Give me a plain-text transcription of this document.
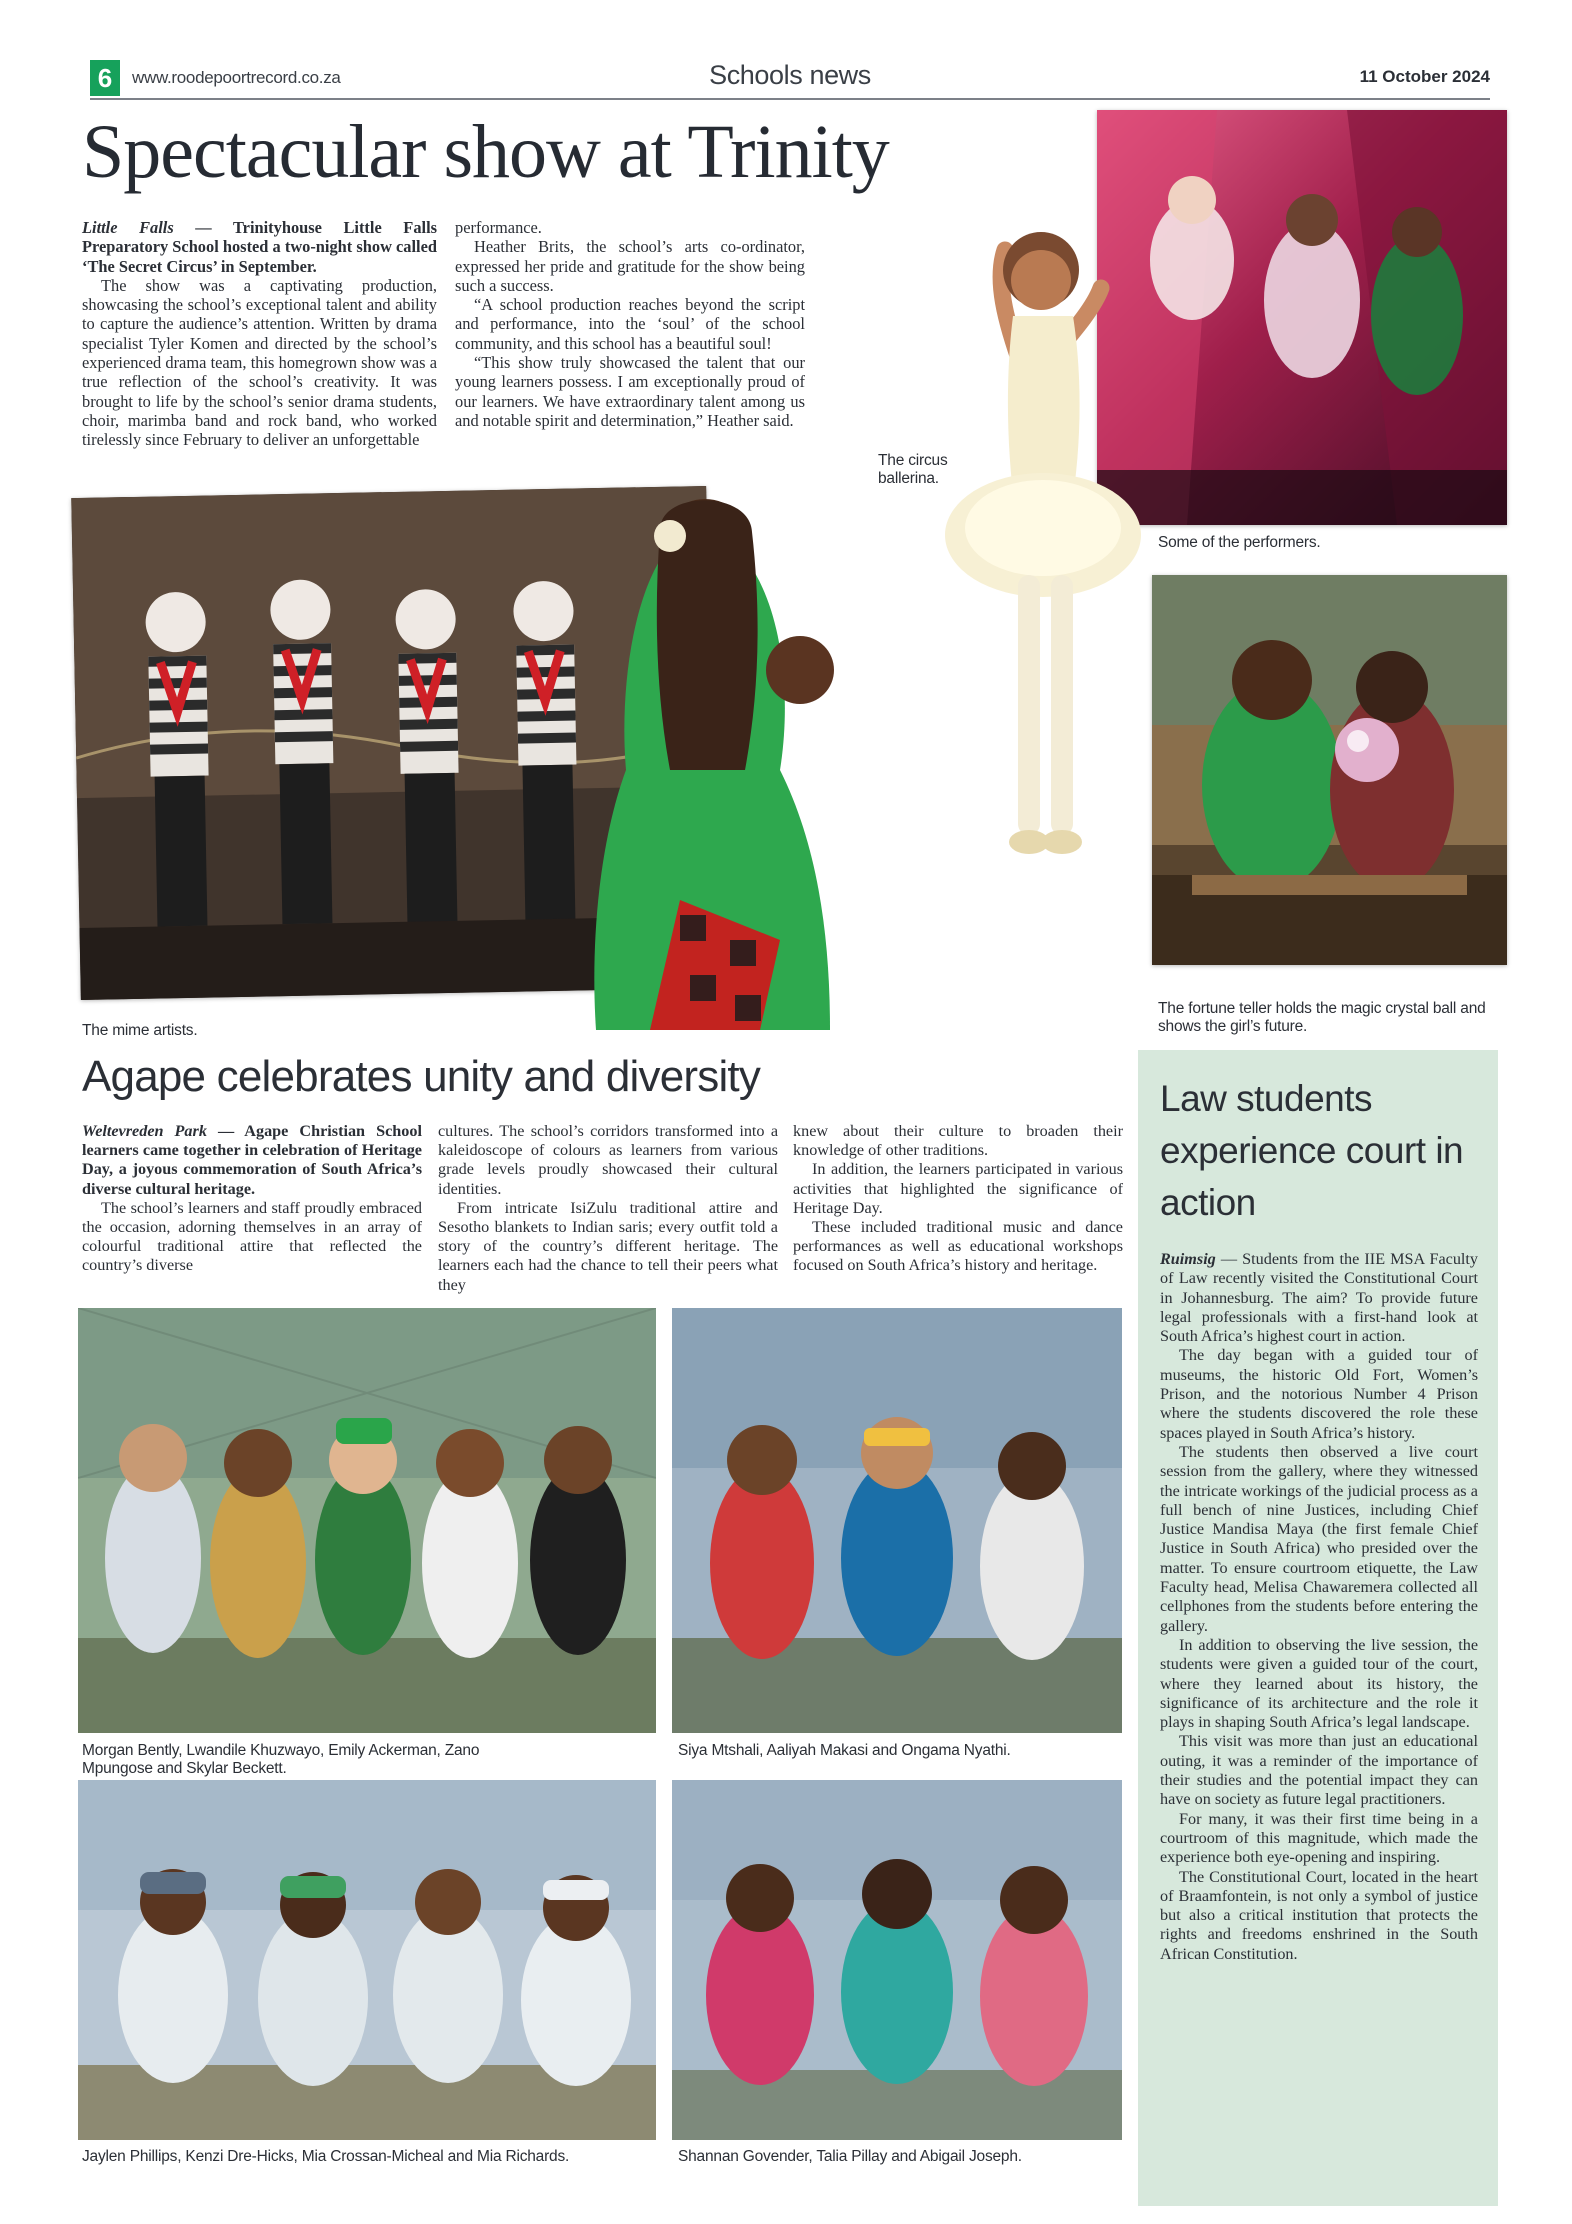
6	www.roodepoortrecord.co.za	Schools news	11 October 2024
Spectacular show at Trinity

Little Falls — Trinityhouse Little Falls Preparatory School hosted a two-night show called ‘The Secret Circus’ in September.

The show was a captivating production, showcasing the school’s exceptional talent and ability to capture the audience’s attention. Written by drama specialist Tyler Komen and directed by the school’s experienced drama team, this homegrown show was a true reflection of the school’s creativity. It was brought to life by the school’s senior drama students, choir, marimba band and rock band, who worked tirelessly since February to deliver an unforgettable

performance.

Heather Brits, the school’s arts co-ordinator, expressed her pride and gratitude for the show being such a success.

“A school production reaches beyond the script and performance, into the ‘soul’ of the school community, and this school has a beautiful soul!

“This show truly showcased the talent that our young learners possess. I am exceptionally proud of our learners. We have extraordinary talent among us and notable spirit and determination,” Heather said.

Some of the performers.
The circus ballerina.
The mime artists.
The fortune teller holds the magic crystal ball and shows the girl’s future.
Agape celebrates unity and diversity

Weltevreden Park — Agape Christian School learners came together in celebration of Heritage Day, a joyous commemoration of South Africa’s diverse cultural heritage.

The school’s learners and staff proudly embraced the occasion, adorning themselves in an array of colourful traditional attire that reflected the country’s diverse

cultures. The school’s corridors transformed into a kaleidoscope of colours as learners from various grade levels proudly showcased their cultural identities.

From intricate IsiZulu traditional attire and Sesotho blankets to Indian saris; every outfit told a story of the country’s different heritage. The learners each had the chance to tell their peers what they

knew about their culture to broaden their knowledge of other traditions.

In addition, the learners participated in various activities that highlighted the significance of Heritage Day.

These included traditional music and dance performances as well as educational workshops focused on South Africa’s history and heritage.

Morgan Bently, Lwandile Khuzwayo, Emily Ackerman, Zano Mpungose and Skylar Beckett.
Siya Mtshali, Aaliyah Makasi and Ongama Nyathi.
Jaylen Phillips, Kenzi Dre-Hicks, Mia Crossan-Micheal and Mia Richards.	Shannan Govender, Talia Pillay and Abigail Joseph.
Law students experience court in action

Ruimsig — Students from the IIE MSA Faculty of Law recently visited the Constitutional Court in Johannesburg. The aim? To provide future legal professionals with a first-hand look at South Africa’s highest court in action.

The day began with a guided tour of museums, the historic Old Fort, Women’s Prison, and the notorious Number 4 Prison where the students discovered the role these spaces played in South Africa’s history.

The students then observed a live court session from the gallery, where they witnessed the intricate workings of the judicial process as a full bench of nine Justices, including Chief Justice Mandisa Maya (the first female Chief Justice in South Africa) who presided over the matter. To ensure courtroom etiquette, the Law Faculty head, Melisa Chawaremera collected all cellphones from the students before entering the gallery.

In addition to observing the live session, the students were given a guided tour of the court, where they learned about its history, the significance of its architecture and the role it plays in shaping South Africa’s legal landscape.

This visit was more than just an educational outing, it was a reminder of the importance of their studies and the potential impact they can have on society as future legal practitioners.

For many, it was their first time being in a courtroom of this magnitude, which made the experience both eye-opening and inspiring.

The Constitutional Court, located in the heart of Braamfontein, is not only a symbol of justice but also a critical institution that protects the rights and freedoms enshrined in the South African Constitution.
